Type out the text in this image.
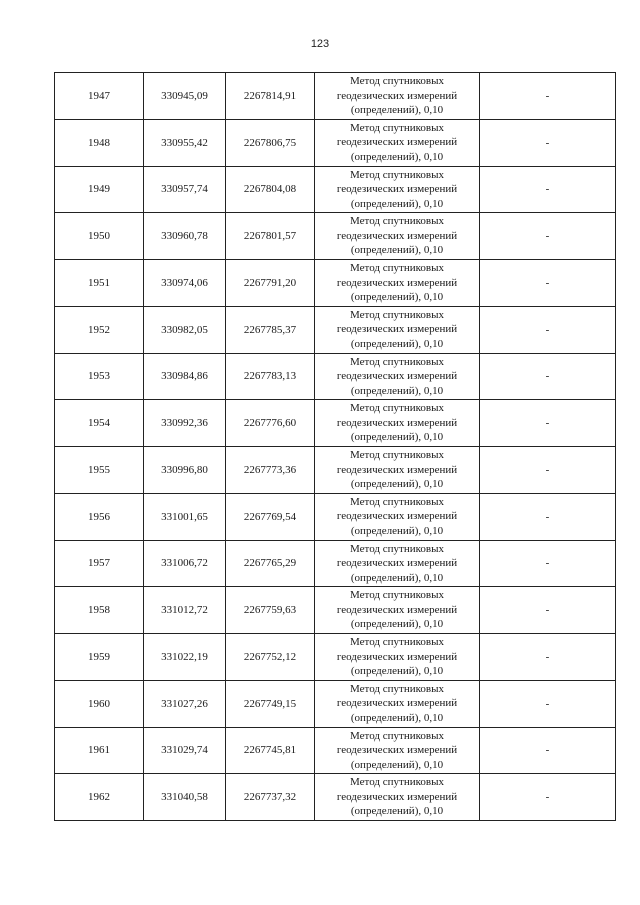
123
1947	330945,09	2267814,91	Метод спутниковых геодезических измерений (определений), 0,10	-
1948	330955,42	2267806,75	Метод спутниковых геодезических измерений (определений), 0,10	-
1949	330957,74	2267804,08	Метод спутниковых геодезических измерений (определений), 0,10	-
1950	330960,78	2267801,57	Метод спутниковых геодезических измерений (определений), 0,10	-
1951	330974,06	2267791,20	Метод спутниковых геодезических измерений (определений), 0,10	-
1952	330982,05	2267785,37	Метод спутниковых геодезических измерений (определений), 0,10	-
1953	330984,86	2267783,13	Метод спутниковых геодезических измерений (определений), 0,10	-
1954	330992,36	2267776,60	Метод спутниковых геодезических измерений (определений), 0,10	-
1955	330996,80	2267773,36	Метод спутниковых геодезических измерений (определений), 0,10	-
1956	331001,65	2267769,54	Метод спутниковых геодезических измерений (определений), 0,10	-
1957	331006,72	2267765,29	Метод спутниковых геодезических измерений (определений), 0,10	-
1958	331012,72	2267759,63	Метод спутниковых геодезических измерений (определений), 0,10	-
1959	331022,19	2267752,12	Метод спутниковых геодезических измерений (определений), 0,10	-
1960	331027,26	2267749,15	Метод спутниковых геодезических измерений (определений), 0,10	-
1961	331029,74	2267745,81	Метод спутниковых геодезических измерений (определений), 0,10	-
1962	331040,58	2267737,32	Метод спутниковых геодезических измерений (определений), 0,10	-
